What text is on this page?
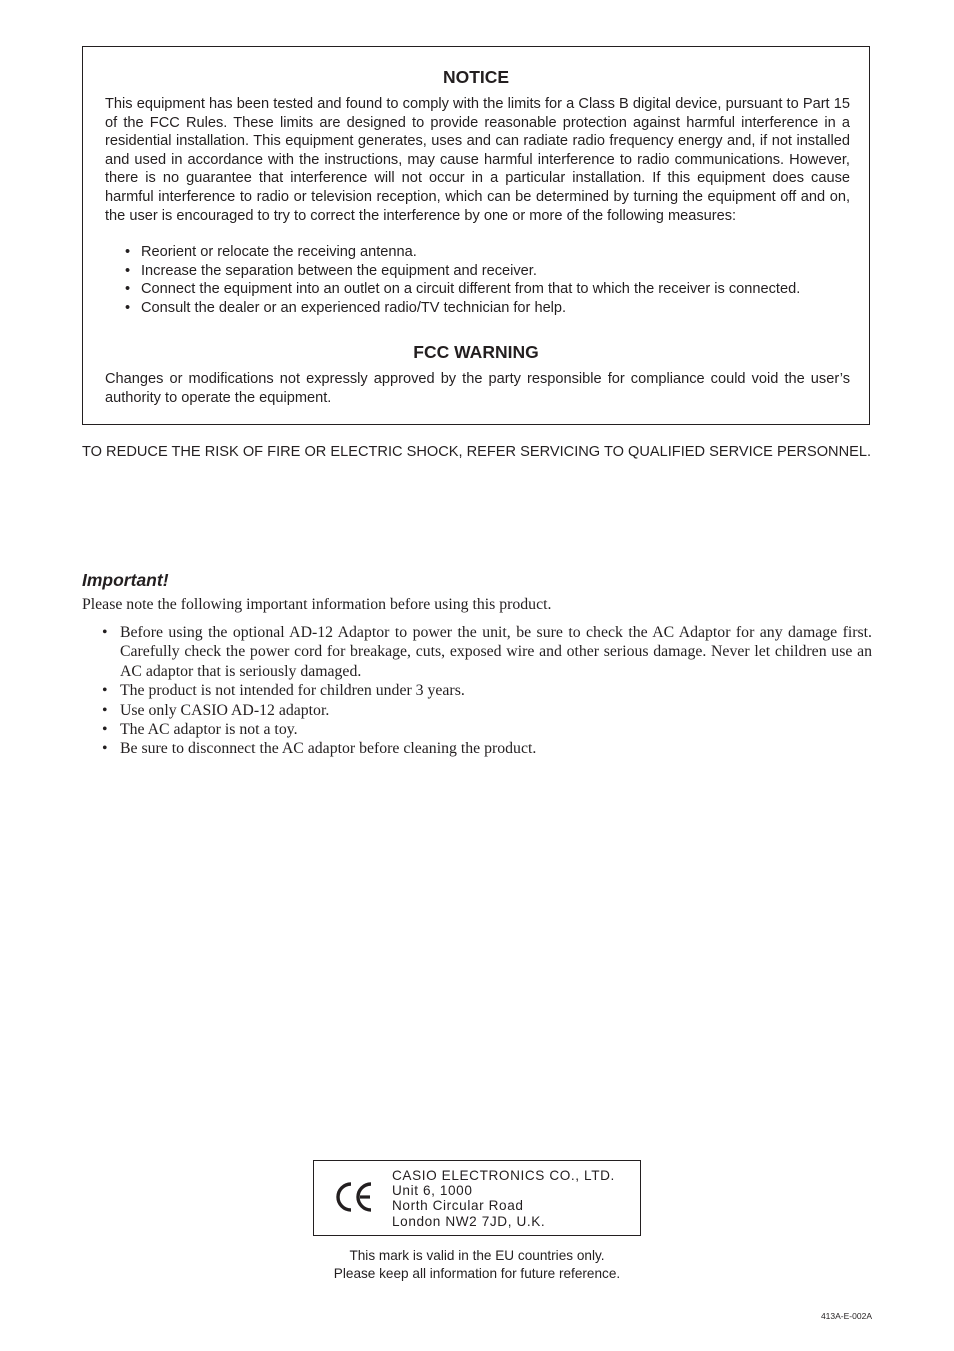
NOTICE

This equipment has been tested and found to comply with the limits for a Class B digital device, pursuant to Part 15 of the FCC Rules. These limits are designed to provide reasonable protection against harmful interference in a residential installation. This equipment generates, uses and can radiate radio frequency energy and, if not installed and used in accordance with the instructions, may cause harmful interference to radio communications. However, there is no guarantee that interference will not occur in a particular installation. If this equipment does cause harmful interference to radio or television reception, which can be determined by turning the equipment off and on, the user is encouraged to try to correct the interference by one or more of the following measures:

• Reorient or relocate the receiving antenna.
• Increase the separation between the equipment and receiver.
• Connect the equipment into an outlet on a circuit different from that to which the receiver is connected.
• Consult the dealer or an experienced radio/TV technician for help.
FCC WARNING

Changes or modifications not expressly approved by the party responsible for compliance could void the user’s authority to operate the equipment.

TO REDUCE THE RISK OF FIRE OR ELECTRIC SHOCK, REFER SERVICING TO QUALIFIED SERVICE PERSONNEL.

Important!

Please note the following important information before using this product.

• Before using the optional AD-12 Adaptor to power the unit, be sure to check the AC Adaptor for any damage first. Carefully check the power cord for breakage, cuts, exposed wire and other serious damage. Never let children use an AC adaptor that is seriously damaged.
• The product is not intended for children under 3 years.
• Use only CASIO AD-12 adaptor.
• The AC adaptor is not a toy.
• Be sure to disconnect the AC adaptor before cleaning the product.

CASIO ELECTRONICS CO., LTD.
Unit 6, 1000
North Circular Road
London NW2 7JD, U.K.

This mark is valid in the EU countries only.
Please keep all information for future reference.

413A-E-002A
